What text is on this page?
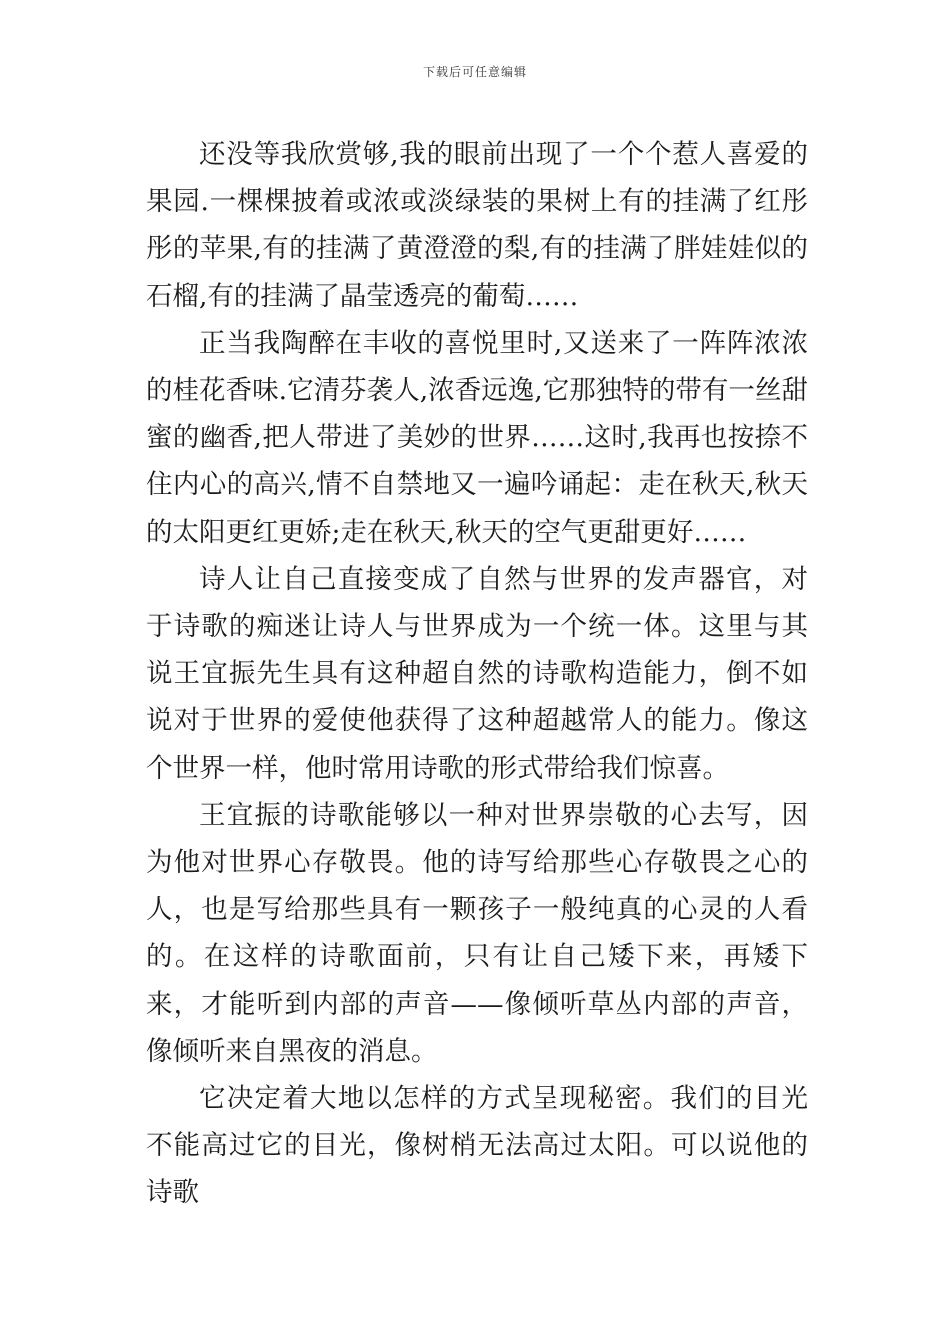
下载后可任意编辑

还没等我欣赏够,我的眼前出现了一个个惹人喜爱的果园.一棵棵披着或浓或淡绿装的果树上有的挂满了红彤彤的苹果,有的挂满了黄澄澄的梨,有的挂满了胖娃娃似的石榴,有的挂满了晶莹透亮的葡萄……

正当我陶醉在丰收的喜悦里时,又送来了一阵阵浓浓的桂花香味.它清芬袭人,浓香远逸,它那独特的带有一丝甜蜜的幽香,把人带进了美妙的世界……这时,我再也按捺不住内心的高兴,情不自禁地又一遍吟诵起：走在秋天,秋天的太阳更红更娇;走在秋天,秋天的空气更甜更好……

诗人让自己直接变成了自然与世界的发声器官，对于诗歌的痴迷让诗人与世界成为一个统一体。这里与其说王宜振先生具有这种超自然的诗歌构造能力，倒不如说对于世界的爱使他获得了这种超越常人的能力。像这个世界一样，他时常用诗歌的形式带给我们惊喜。

王宜振的诗歌能够以一种对世界崇敬的心去写，因为他对世界心存敬畏。他的诗写给那些心存敬畏之心的人，也是写给那些具有一颗孩子一般纯真的心灵的人看的。在这样的诗歌面前，只有让自己矮下来，再矮下来，才能听到内部的声音——像倾听草丛内部的声音，像倾听来自黑夜的消息。

它决定着大地以怎样的方式呈现秘密。我们的目光不能高过它的目光，像树梢无法高过太阳。可以说他的诗歌
